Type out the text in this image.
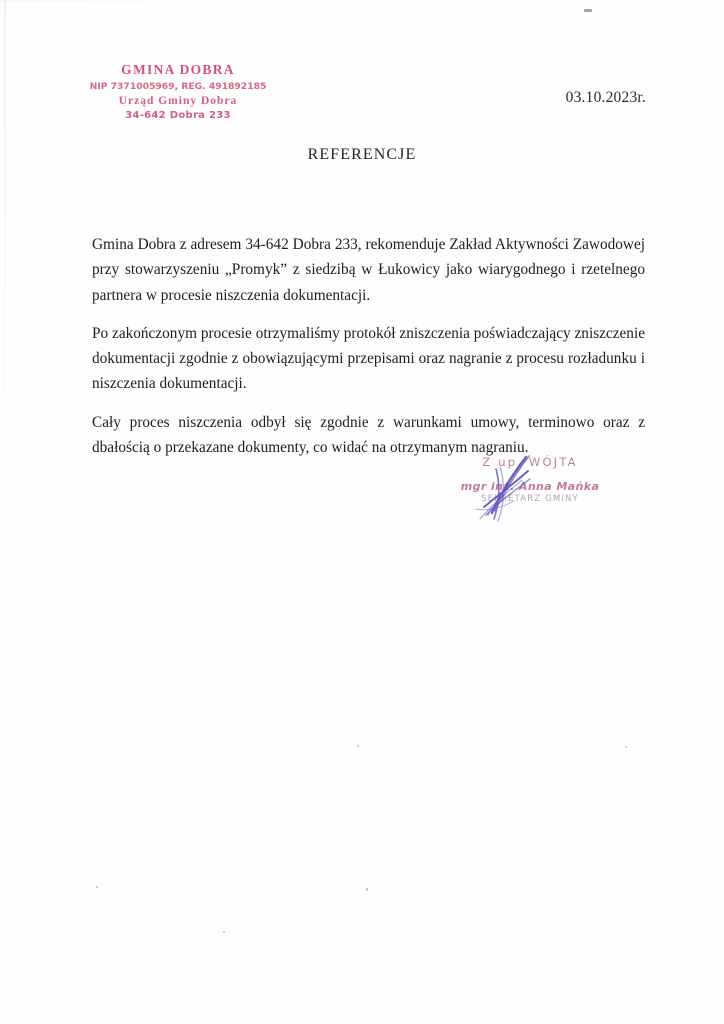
GMINA DOBRA
NIP 7371005969, REG. 491892185
Urząd Gminy Dobra
34-642 Dobra 233
03.10.2023r.
REFERENCJE

Gmina Dobra z adresem 34-642 Dobra 233, rekomenduje Zakład Aktywności Zawodowej przy stowarzyszeniu „Promyk” z siedzibą w Łukowicy jako wiarygodnego i rzetelnego partnera w procesie niszczenia dokumentacji.

Po zakończonym procesie otrzymaliśmy protokół zniszczenia poświadczający zniszczenie dokumentacji zgodnie z obowiązującymi przepisami oraz nagranie z procesu rozładunku i niszczenia dokumentacji.

Cały proces niszczenia odbył się zgodnie z warunkami umowy, terminowo oraz z dbałością o przekazane dokumenty, co widać na otrzymanym nagraniu.

Z up. WÓJTA
mgr inż. Anna Mańka
SEKRETARZ GMINY
